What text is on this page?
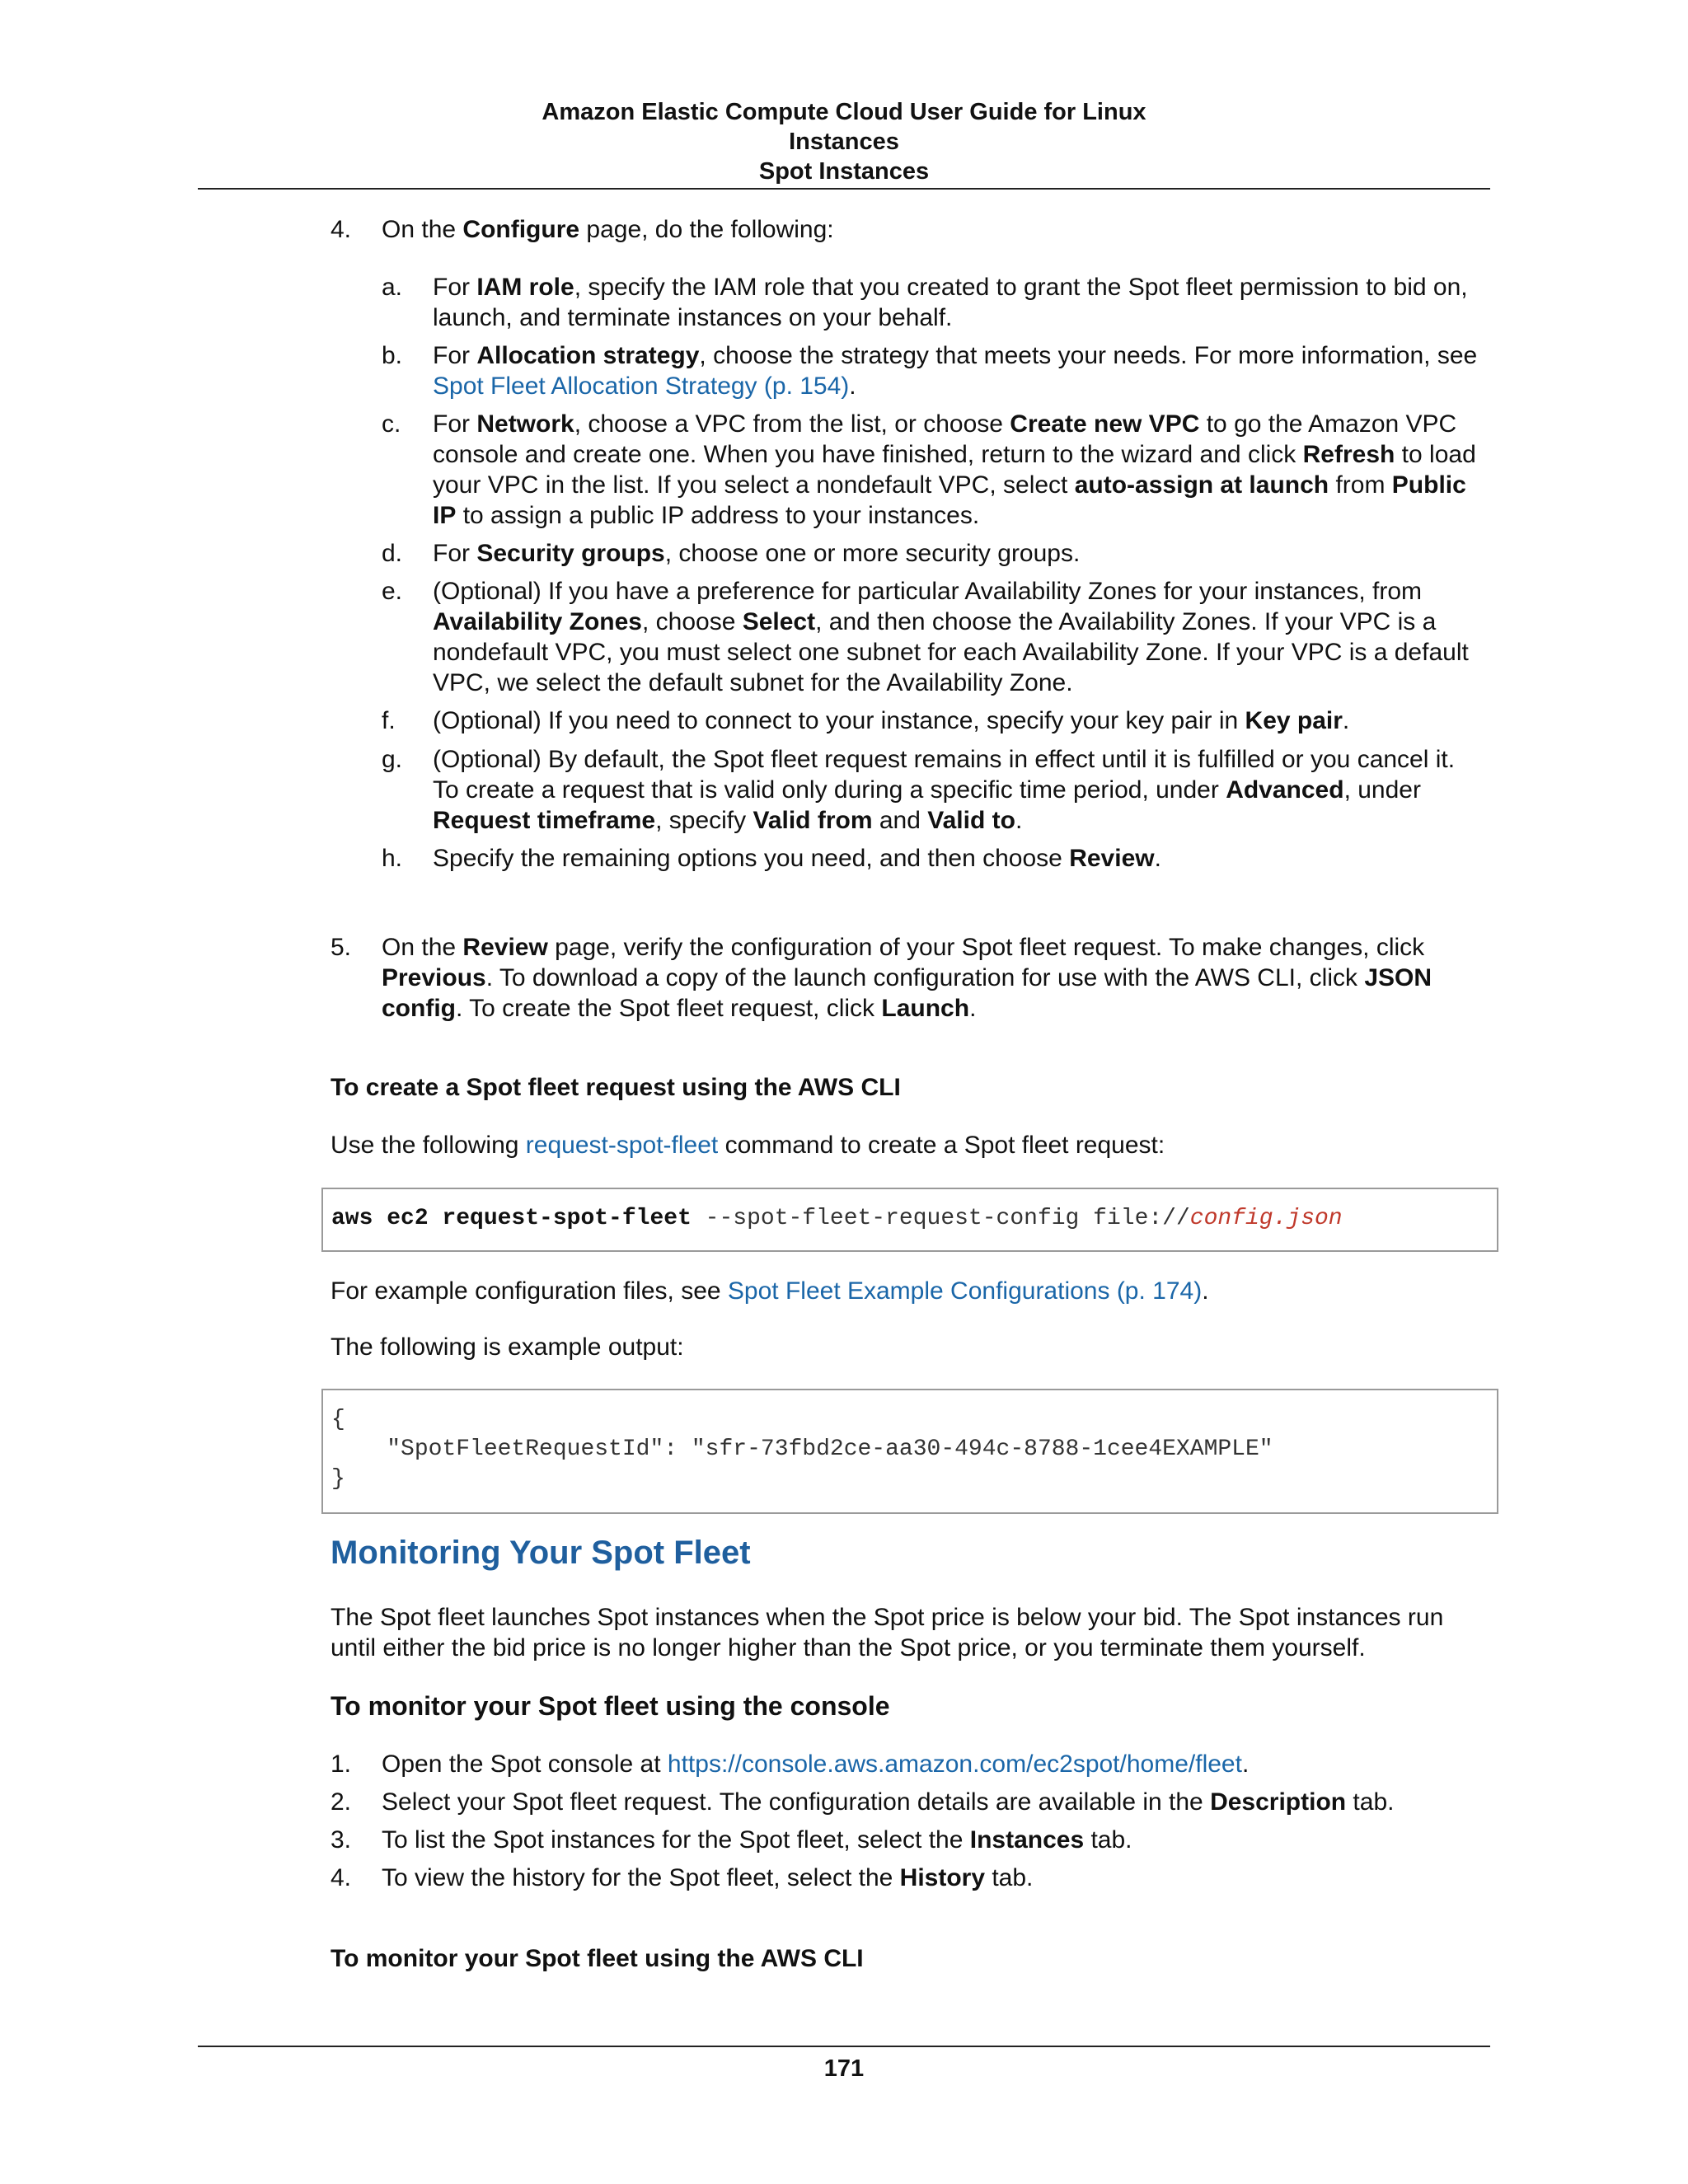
Amazon Elastic Compute Cloud User Guide for Linux
Instances
Spot Instances
4. On the Configure page, do the following:
a. For IAM role, specify the IAM role that you created to grant the Spot fleet permission to bid on,
launch, and terminate instances on your behalf.
b. For Allocation strategy, choose the strategy that meets your needs. For more information, see
Spot Fleet Allocation Strategy (p. 154).
c. For Network, choose a VPC from the list, or choose Create new VPC to go the Amazon VPC
console and create one. When you have finished, return to the wizard and click Refresh to load
your VPC in the list. If you select a nondefault VPC, select auto-assign at launch from Public
IP to assign a public IP address to your instances.
d. For Security groups, choose one or more security groups.
e. (Optional) If you have a preference for particular Availability Zones for your instances, from
Availability Zones, choose Select, and then choose the Availability Zones. If your VPC is a
nondefault VPC, you must select one subnet for each Availability Zone. If your VPC is a default
VPC, we select the default subnet for the Availability Zone.
f. (Optional) If you need to connect to your instance, specify your key pair in Key pair.
g. (Optional) By default, the Spot fleet request remains in effect until it is fulfilled or you cancel it.
To create a request that is valid only during a specific time period, under Advanced, under
Request timeframe, specify Valid from and Valid to.
h. Specify the remaining options you need, and then choose Review.
5. On the Review page, verify the configuration of your Spot fleet request. To make changes, click
Previous. To download a copy of the launch configuration for use with the AWS CLI, click JSON
config. To create the Spot fleet request, click Launch.
To create a Spot fleet request using the AWS CLI
Use the following request-spot-fleet command to create a Spot fleet request:
aws ec2 request-spot-fleet --spot-fleet-request-config file://config.json
For example configuration files, see Spot Fleet Example Configurations (p. 174).
The following is example output:
{
"SpotFleetRequestId": "sfr-73fbd2ce-aa30-494c-8788-1cee4EXAMPLE"
}
Monitoring Your Spot Fleet
The Spot fleet launches Spot instances when the Spot price is below your bid. The Spot instances run
until either the bid price is no longer higher than the Spot price, or you terminate them yourself.
To monitor your Spot fleet using the console
1. Open the Spot console at https://console.aws.amazon.com/ec2spot/home/fleet.
2. Select your Spot fleet request. The configuration details are available in the Description tab.
3. To list the Spot instances for the Spot fleet, select the Instances tab.
4. To view the history for the Spot fleet, select the History tab.
To monitor your Spot fleet using the AWS CLI
171
